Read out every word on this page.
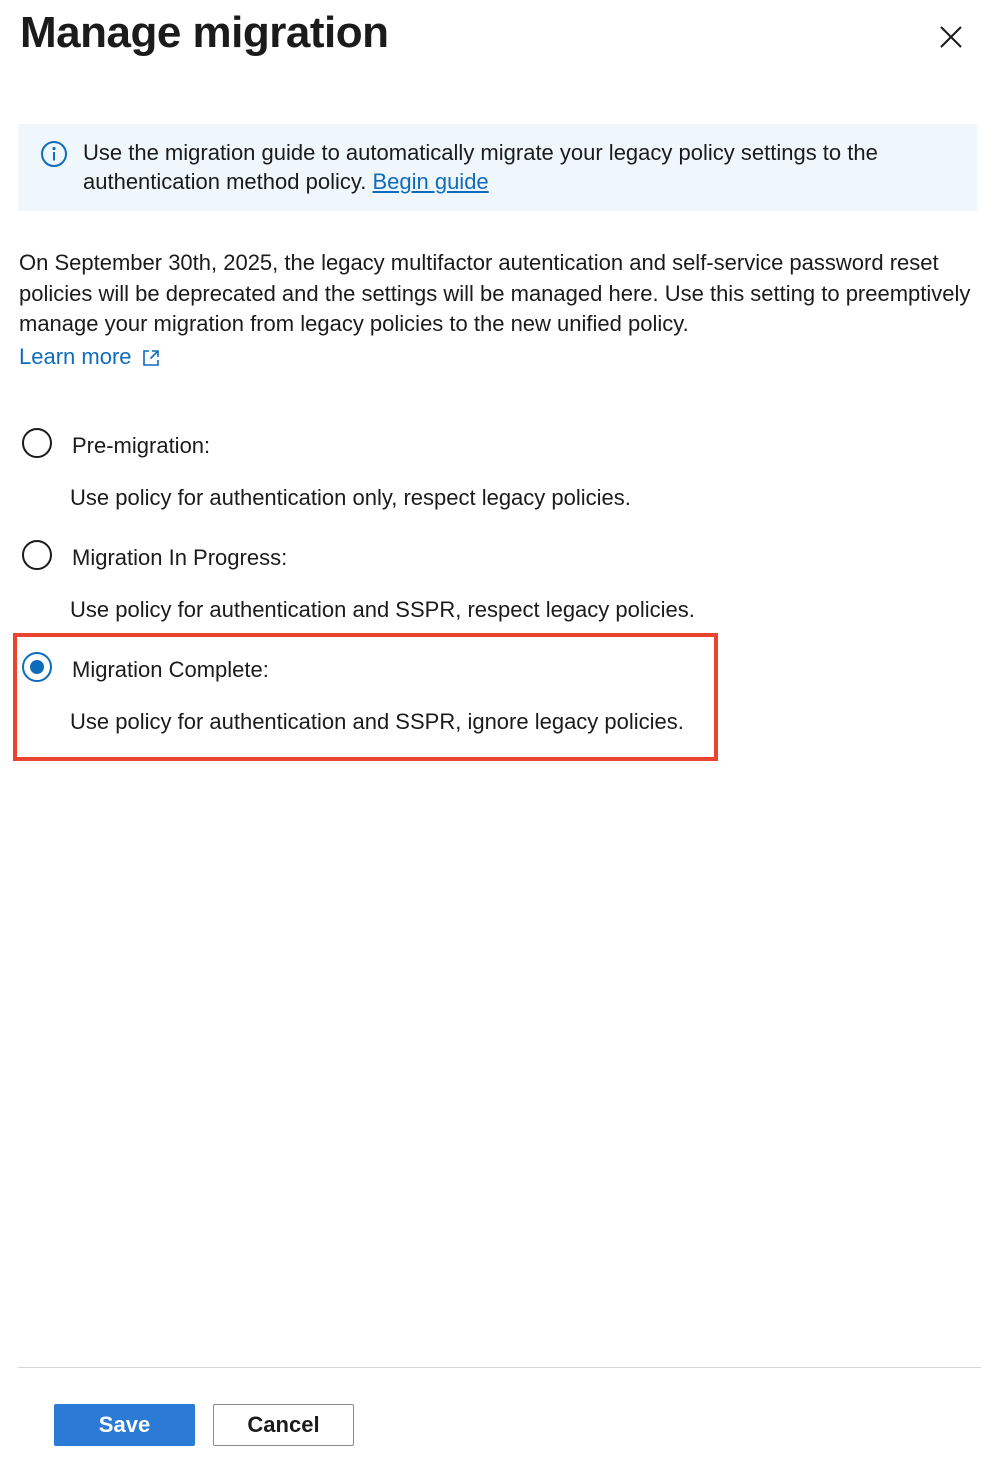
Manage migration
Use the migration guide to automatically migrate your legacy policy settings to the authentication method policy. Begin guide
On September 30th, 2025, the legacy multifactor autentication and self-service password reset policies will be deprecated and the settings will be managed here. Use this setting to preemptively manage your migration from legacy policies to the new unified policy.
Learn more
Pre-migration:
Use policy for authentication only, respect legacy policies.
Migration In Progress:
Use policy for authentication and SSPR, respect legacy policies.
Migration Complete:
Use policy for authentication and SSPR, ignore legacy policies.
Save	Cancel
